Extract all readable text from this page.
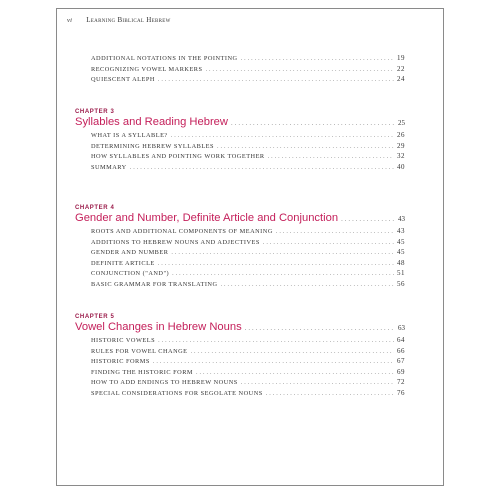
vi Learning Biblical Hebrew
ADDITIONAL NOTATIONS IN THE POINTING .....	19
RECOGNIZING VOWEL MARKERS .....	22
QUIESCENT ALEPH .....	24
CHAPTER 3
Syllables and Reading Hebrew .....	25
WHAT IS A SYLLABLE? .....	26
DETERMINING HEBREW SYLLABLES .....	29
HOW SYLLABLES AND POINTING WORK TOGETHER .....	32
SUMMARY .....	40
CHAPTER 4
Gender and Number, Definite Article and Conjunction .....	43
ROOTS AND ADDITIONAL COMPONENTS OF MEANING .....	43
ADDITIONS TO HEBREW NOUNS AND ADJECTIVES .....	45
GENDER AND NUMBER .....	45
DEFINITE ARTICLE .....	48
CONJUNCTION ("AND") .....	51
BASIC GRAMMAR FOR TRANSLATING .....	56
CHAPTER 5
Vowel Changes in Hebrew Nouns .....	63
HISTORIC VOWELS .....	64
RULES FOR VOWEL CHANGE .....	66
HISTORIC FORMS .....	67
FINDING THE HISTORIC FORM .....	69
HOW TO ADD ENDINGS TO HEBREW NOUNS .....	72
SPECIAL CONSIDERATIONS FOR SEGOLATE NOUNS .....	76
